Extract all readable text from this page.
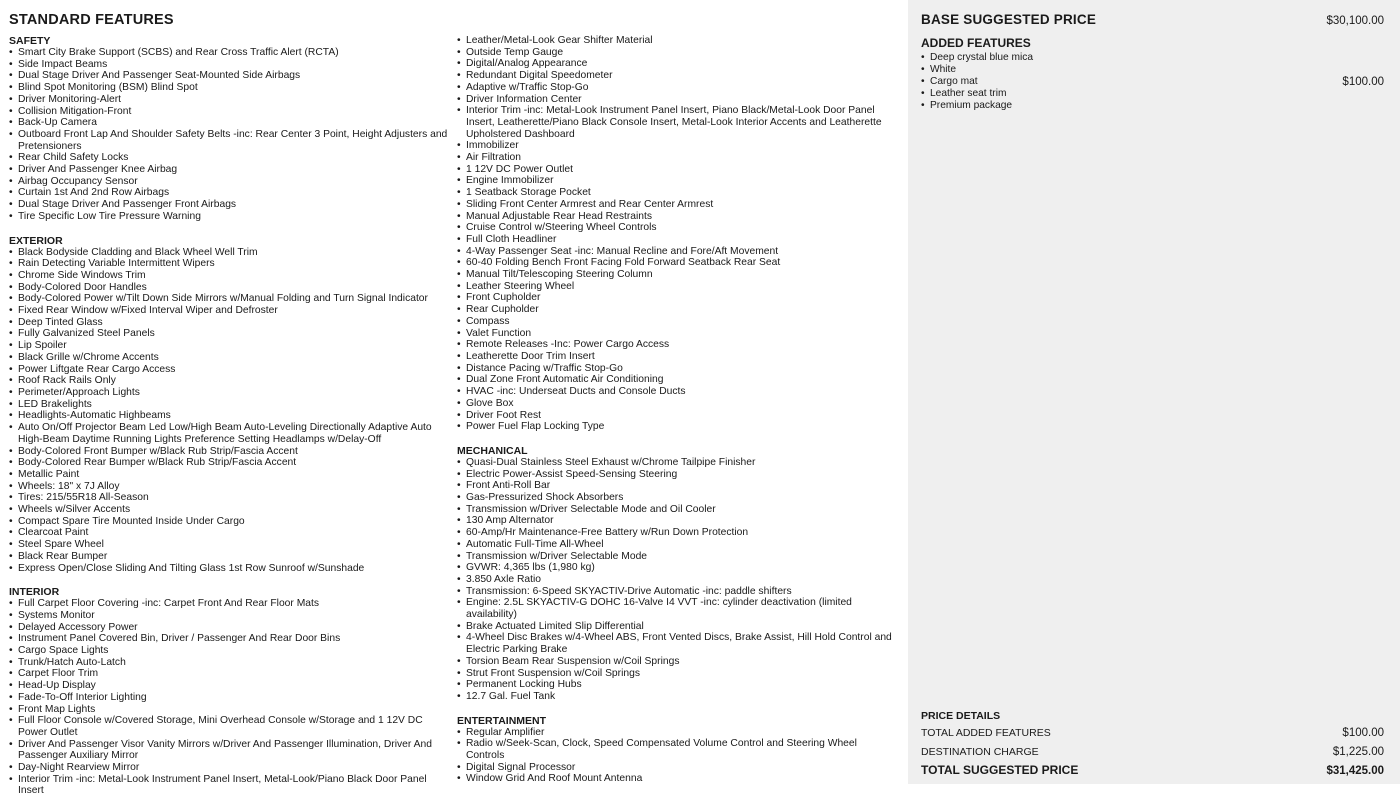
STANDARD FEATURES
SAFETY
• Smart City Brake Support (SCBS) and Rear Cross Traffic Alert (RCTA)
• Side Impact Beams
• Dual Stage Driver And Passenger Seat-Mounted Side Airbags
• Blind Spot Monitoring (BSM) Blind Spot
• Driver Monitoring-Alert
• Collision Mitigation-Front
• Back-Up Camera
• Outboard Front Lap And Shoulder Safety Belts -inc: Rear Center 3 Point, Height Adjusters and Pretensioners
• Rear Child Safety Locks
• Driver And Passenger Knee Airbag
• Airbag Occupancy Sensor
• Curtain 1st And 2nd Row Airbags
• Dual Stage Driver And Passenger Front Airbags
• Tire Specific Low Tire Pressure Warning
EXTERIOR
• Black Bodyside Cladding and Black Wheel Well Trim
• Rain Detecting Variable Intermittent Wipers
• Chrome Side Windows Trim
• Body-Colored Door Handles
• Body-Colored Power w/Tilt Down Side Mirrors w/Manual Folding and Turn Signal Indicator
• Fixed Rear Window w/Fixed Interval Wiper and Defroster
• Deep Tinted Glass
• Fully Galvanized Steel Panels
• Lip Spoiler
• Black Grille w/Chrome Accents
• Power Liftgate Rear Cargo Access
• Roof Rack Rails Only
• Perimeter/Approach Lights
• LED Brakelights
• Headlights-Automatic Highbeams
• Auto On/Off Projector Beam Led Low/High Beam Auto-Leveling Directionally Adaptive Auto High-Beam Daytime Running Lights Preference Setting Headlamps w/Delay-Off
• Body-Colored Front Bumper w/Black Rub Strip/Fascia Accent
• Body-Colored Rear Bumper w/Black Rub Strip/Fascia Accent
• Metallic Paint
• Wheels: 18" x 7J Alloy
• Tires: 215/55R18 All-Season
• Wheels w/Silver Accents
• Compact Spare Tire Mounted Inside Under Cargo
• Clearcoat Paint
• Steel Spare Wheel
• Black Rear Bumper
• Express Open/Close Sliding And Tilting Glass 1st Row Sunroof w/Sunshade
INTERIOR
• Full Carpet Floor Covering -inc: Carpet Front And Rear Floor Mats
• Systems Monitor
• Delayed Accessory Power
• Instrument Panel Covered Bin, Driver / Passenger And Rear Door Bins
• Cargo Space Lights
• Trunk/Hatch Auto-Latch
• Carpet Floor Trim
• Head-Up Display
• Fade-To-Off Interior Lighting
• Front Map Lights
• Full Floor Console w/Covered Storage, Mini Overhead Console w/Storage and 1 12V DC Power Outlet
• Driver And Passenger Visor Vanity Mirrors w/Driver And Passenger Illumination, Driver And Passenger Auxiliary Mirror
• Day-Night Rearview Mirror
• Interior Trim -inc: Metal-Look Instrument Panel Insert, Metal-Look/Piano Black Door Panel Insert
• Leather/Metal-Look Gear Shifter Material
• Outside Temp Gauge
• Digital/Analog Appearance
• Redundant Digital Speedometer
• Adaptive w/Traffic Stop-Go
• Driver Information Center
• Interior Trim -inc: Metal-Look Instrument Panel Insert, Piano Black/Metal-Look Door Panel Insert, Leatherette/Piano Black Console Insert, Metal-Look Interior Accents and Leatherette Upholstered Dashboard
• Immobilizer
• Air Filtration
• 1 12V DC Power Outlet
• Engine Immobilizer
• 1 Seatback Storage Pocket
• Sliding Front Center Armrest and Rear Center Armrest
• Manual Adjustable Rear Head Restraints
• Cruise Control w/Steering Wheel Controls
• Full Cloth Headliner
• 4-Way Passenger Seat -inc: Manual Recline and Fore/Aft Movement
• 60-40 Folding Bench Front Facing Fold Forward Seatback Rear Seat
• Manual Tilt/Telescoping Steering Column
• Leather Steering Wheel
• Front Cupholder
• Rear Cupholder
• Compass
• Valet Function
• Remote Releases -Inc: Power Cargo Access
• Leatherette Door Trim Insert
• Distance Pacing w/Traffic Stop-Go
• Dual Zone Front Automatic Air Conditioning
• HVAC -inc: Underseat Ducts and Console Ducts
• Glove Box
• Driver Foot Rest
• Power Fuel Flap Locking Type
MECHANICAL
• Quasi-Dual Stainless Steel Exhaust w/Chrome Tailpipe Finisher
• Electric Power-Assist Speed-Sensing Steering
• Front Anti-Roll Bar
• Gas-Pressurized Shock Absorbers
• Transmission w/Driver Selectable Mode and Oil Cooler
• 130 Amp Alternator
• 60-Amp/Hr Maintenance-Free Battery w/Run Down Protection
• Automatic Full-Time All-Wheel
• Transmission w/Driver Selectable Mode
• GVWR: 4,365 lbs (1,980 kg)
• 3.850 Axle Ratio
• Transmission: 6-Speed SKYACTIV-Drive Automatic -inc: paddle shifters
• Engine: 2.5L SKYACTIV-G DOHC 16-Valve I4 VVT -inc: cylinder deactivation (limited availability)
• Brake Actuated Limited Slip Differential
• 4-Wheel Disc Brakes w/4-Wheel ABS, Front Vented Discs, Brake Assist, Hill Hold Control and Electric Parking Brake
• Torsion Beam Rear Suspension w/Coil Springs
• Strut Front Suspension w/Coil Springs
• Permanent Locking Hubs
• 12.7 Gal. Fuel Tank
ENTERTAINMENT
• Regular Amplifier
• Radio w/Seek-Scan, Clock, Speed Compensated Volume Control and Steering Wheel Controls
• Digital Signal Processor
• Window Grid And Roof Mount Antenna
BASE SUGGESTED PRICE	$30,100.00
ADDED FEATURES
• Deep crystal blue mica
• White
• Cargo mat	$100.00
• Leather seat trim
• Premium package
PRICE DETAILS
TOTAL ADDED FEATURES	$100.00
DESTINATION CHARGE	$1,225.00
TOTAL SUGGESTED PRICE	$31,425.00
